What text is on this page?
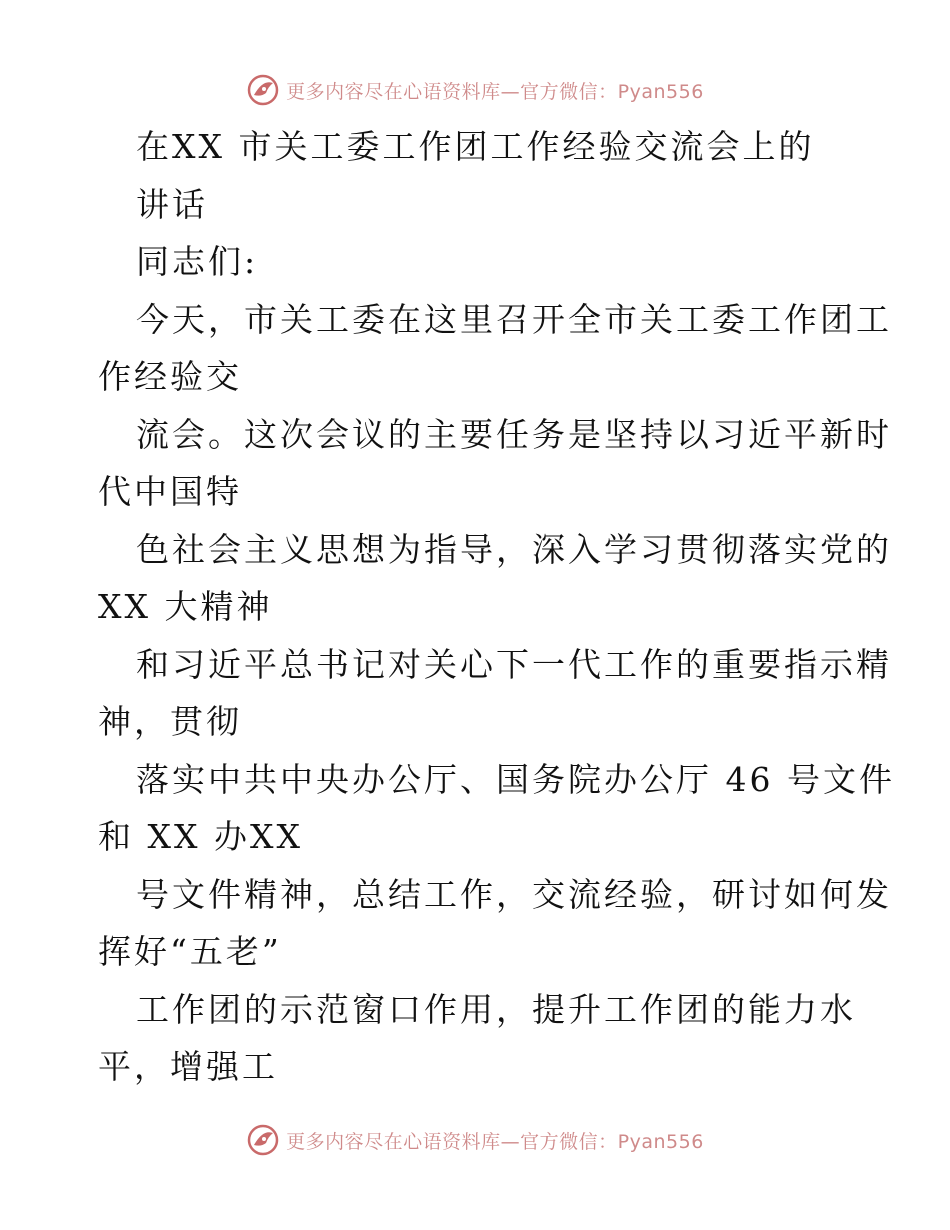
更多内容尽在心语资料库—官方微信：Pyan556
在XX 市关工委工作团工作经验交流会上的
讲话
同志们:
今天，市关工委在这里召开全市关工委工作团工
作经验交
流会。这次会议的主要任务是坚持以习近平新时
代中国特
色社会主义思想为指导，深入学习贯彻落实党的
XX 大精神
和习近平总书记对关心下一代工作的重要指示精
神，贯彻
落实中共中央办公厅、国务院办公厅 46 号文件
和 XX 办XX
号文件精神，总结工作，交流经验，研讨如何发
挥好“五老”
工作团的示范窗口作用，提升工作团的能力水
平，增强工
更多内容尽在心语资料库—官方微信：Pyan556
